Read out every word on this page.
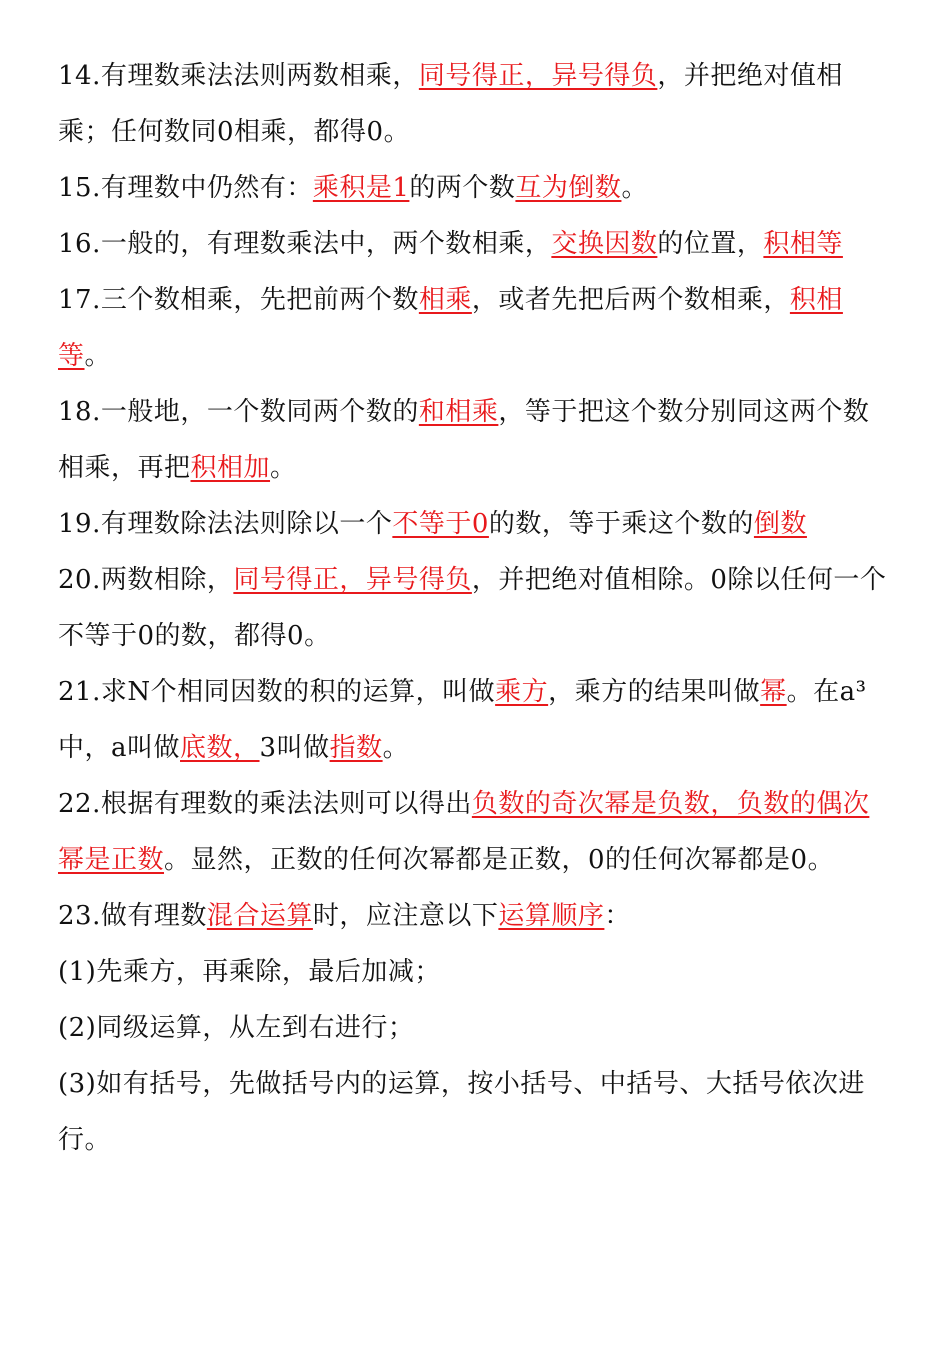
14.有理数乘法法则两数相乘，同号得正，异号得负，并把绝对值相乘；任何数同0相乘，都得0。

15.有理数中仍然有：乘积是1的两个数互为倒数。

16.一般的，有理数乘法中，两个数相乘，交换因数的位置，积相等

17.三个数相乘，先把前两个数相乘，或者先把后两个数相乘，积相等。

18.一般地，一个数同两个数的和相乘，等于把这个数分别同这两个数相乘，再把积相加。

19.有理数除法法则除以一个不等于0的数，等于乘这个数的倒数

20.两数相除，同号得正，异号得负，并把绝对值相除。0除以任何一个不等于0的数，都得0。

21.求N个相同因数的积的运算，叫做乘方，乘方的结果叫做幂。在a³中，a叫做底数，3叫做指数。

22.根据有理数的乘法法则可以得出负数的奇次幂是负数，负数的偶次幂是正数。显然，正数的任何次幂都是正数，0的任何次幂都是0。

23.做有理数混合运算时，应注意以下运算顺序：

(1)先乘方，再乘除，最后加减；

(2)同级运算，从左到右进行；

(3)如有括号，先做括号内的运算，按小括号、中括号、大括号依次进行。
